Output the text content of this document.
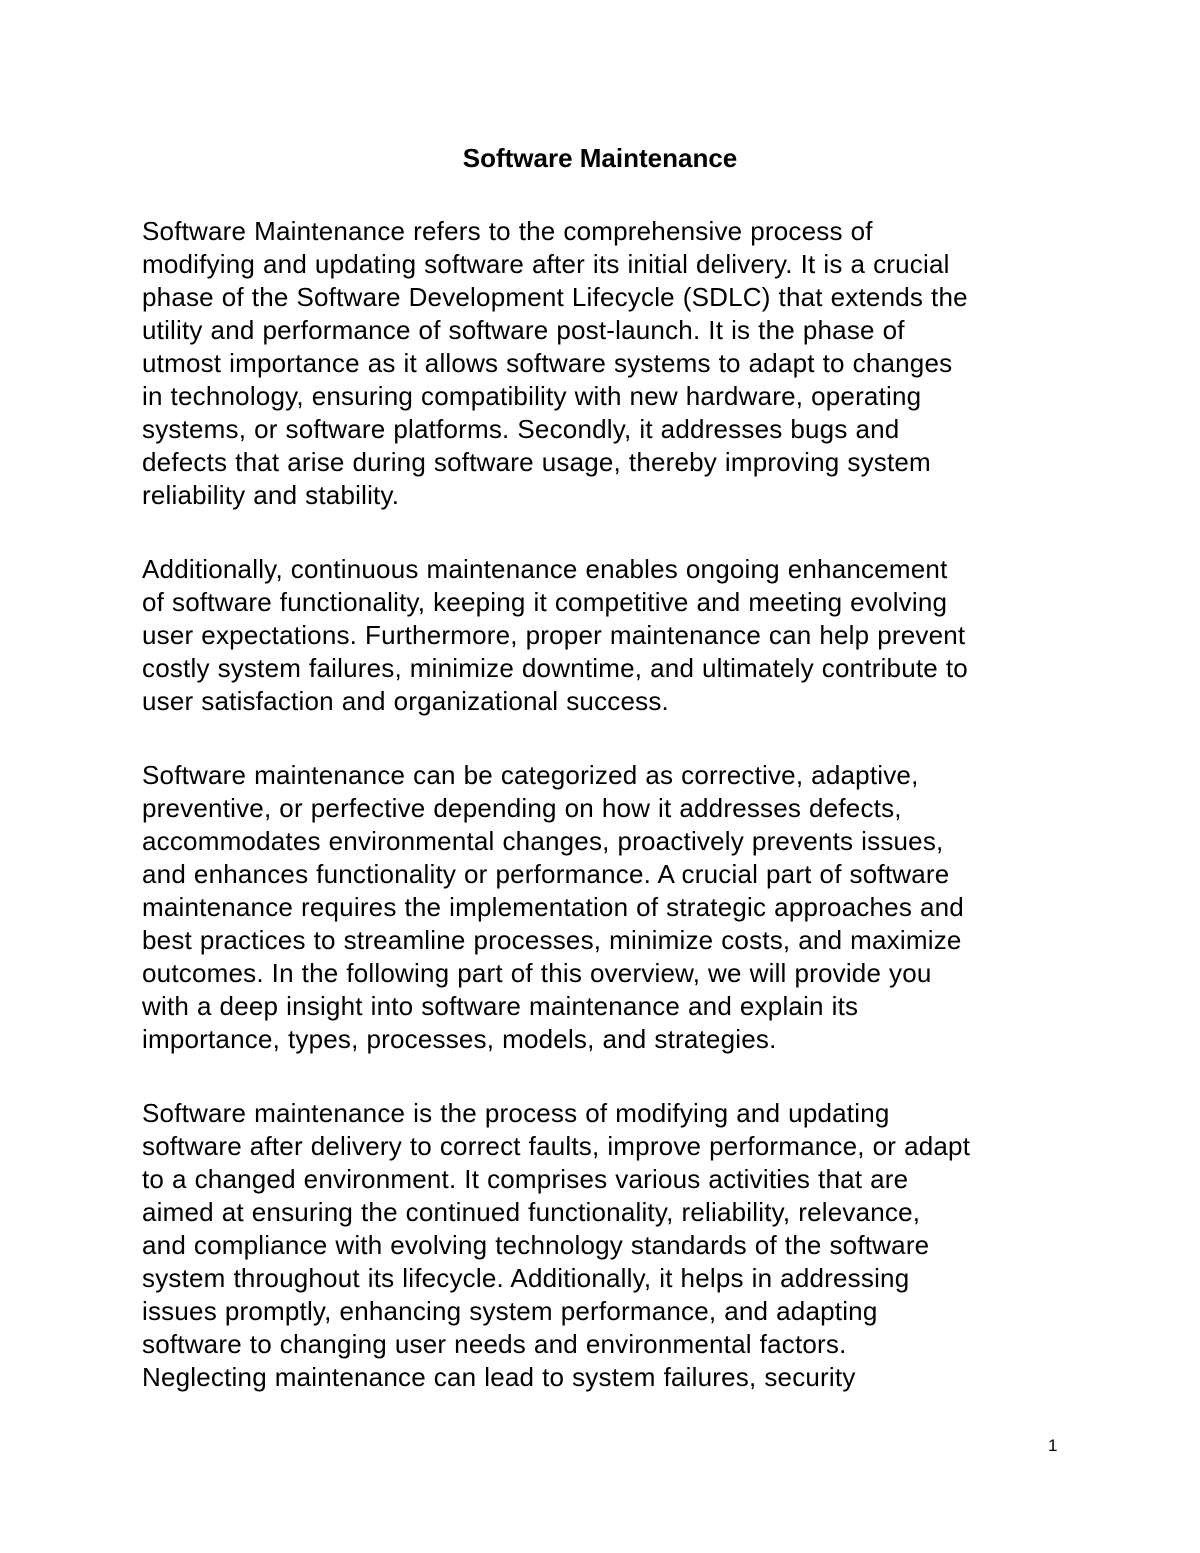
Software Maintenance

Software Maintenance refers to the comprehensive process of
modifying and updating software after its initial delivery. It is a crucial
phase of the Software Development Lifecycle (SDLC) that extends the
utility and performance of software post-launch. It is the phase of
utmost importance as it allows software systems to adapt to changes
in technology, ensuring compatibility with new hardware, operating
systems, or software platforms. Secondly, it addresses bugs and
defects that arise during software usage, thereby improving system
reliability and stability.

Additionally, continuous maintenance enables ongoing enhancement
of software functionality, keeping it competitive and meeting evolving
user expectations. Furthermore, proper maintenance can help prevent
costly system failures, minimize downtime, and ultimately contribute to
user satisfaction and organizational success.

Software maintenance can be categorized as corrective, adaptive,
preventive, or perfective depending on how it addresses defects,
accommodates environmental changes, proactively prevents issues,
and enhances functionality or performance. A crucial part of software
maintenance requires the implementation of strategic approaches and
best practices to streamline processes, minimize costs, and maximize
outcomes. In the following part of this overview, we will provide you
with a deep insight into software maintenance and explain its
importance, types, processes, models, and strategies.

Software maintenance is the process of modifying and updating
software after delivery to correct faults, improve performance, or adapt
to a changed environment. It comprises various activities that are
aimed at ensuring the continued functionality, reliability, relevance,
and compliance with evolving technology standards of the software
system throughout its lifecycle. Additionally, it helps in addressing
issues promptly, enhancing system performance, and adapting
software to changing user needs and environmental factors.
Neglecting maintenance can lead to system failures, security

1
